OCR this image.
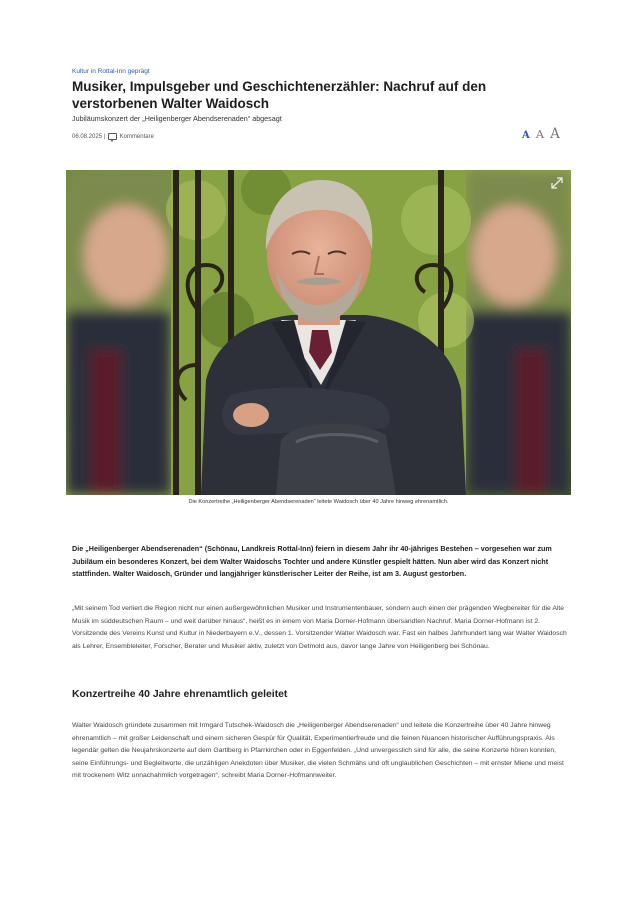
Kultur in Rottal-Inn geprägt
Musiker, Impulsgeber und Geschichtenerzähler: Nachruf auf den verstorbenen Walter Waidosch
Jubiläumskonzert der „Heiligenberger Abendserenaden“ abgesagt
06.08.2025 | Kommentare	A A A
Die Konzertreihe „Heiligenberger Abendserenaden“ leitete Waidosch über 40 Jahre hinweg ehrenamtlich.

Die „Heiligenberger Abendserenaden“ (Schönau, Landkreis Rottal-Inn) feiern in diesem Jahr ihr 40-jähriges Bestehen – vorgesehen war zum Jubiläum ein besonderes Konzert, bei dem Walter Waidoschs Tochter und andere Künstler gespielt hätten. Nun aber wird das Konzert nicht stattfinden. Walter Waidosch, Gründer und langjähriger künstlerischer Leiter der Reihe, ist am 3. August gestorben.

„Mit seinem Tod verliert die Region nicht nur einen außergewöhnlichen Musiker und Instrumentenbauer, sondern auch einen der prägenden Wegbereiter für die Alte Musik im süddeutschen Raum – und weit darüber hinaus“, heißt es in einem von Maria Dorner-Hofmann übersandten Nachruf. Maria Dorner-Hofmann ist 2. Vorsitzende des Vereins Kunst und Kultur in Niederbayern e.V., dessen 1. Vorsitzender Walter Waidosch war. Fast ein halbes Jahrhundert lang war Walter Waidosch als Lehrer, Ensembleleiter, Forscher, Berater und Musiker aktiv, zuletzt von Detmold aus, davor lange Jahre von Heiligenberg bei Schönau.

Konzertreihe 40 Jahre ehrenamtlich geleitet

Walter Waidosch gründete zusammen mit Irmgard Tutschek-Waidosch die „Heiligenberger Abendserenaden“ und leitete die Konzertreihe über 40 Jahre hinweg ehrenamtlich – mit großer Leidenschaft und einem sicheren Gespür für Qualität, Experimentierfreude und die feinen Nuancen historischer Aufführungspraxis. Als legendär gelten die Neujahrskonzerte auf dem Gartlberg in Pfarrkirchen oder in Eggenfelden. „Und unvergesslich sind für alle, die seine Konzerte hören konnten, seine Einführungs- und Begleitworte, die unzähligen Anekdoten über Musiker, die vielen Schmähs und oft unglaublichen Geschichten – mit ernster Miene und meist mit trockenem Witz unnachahmlich vorgetragen“, schreibt Maria Dorner-Hofmannweiter.
